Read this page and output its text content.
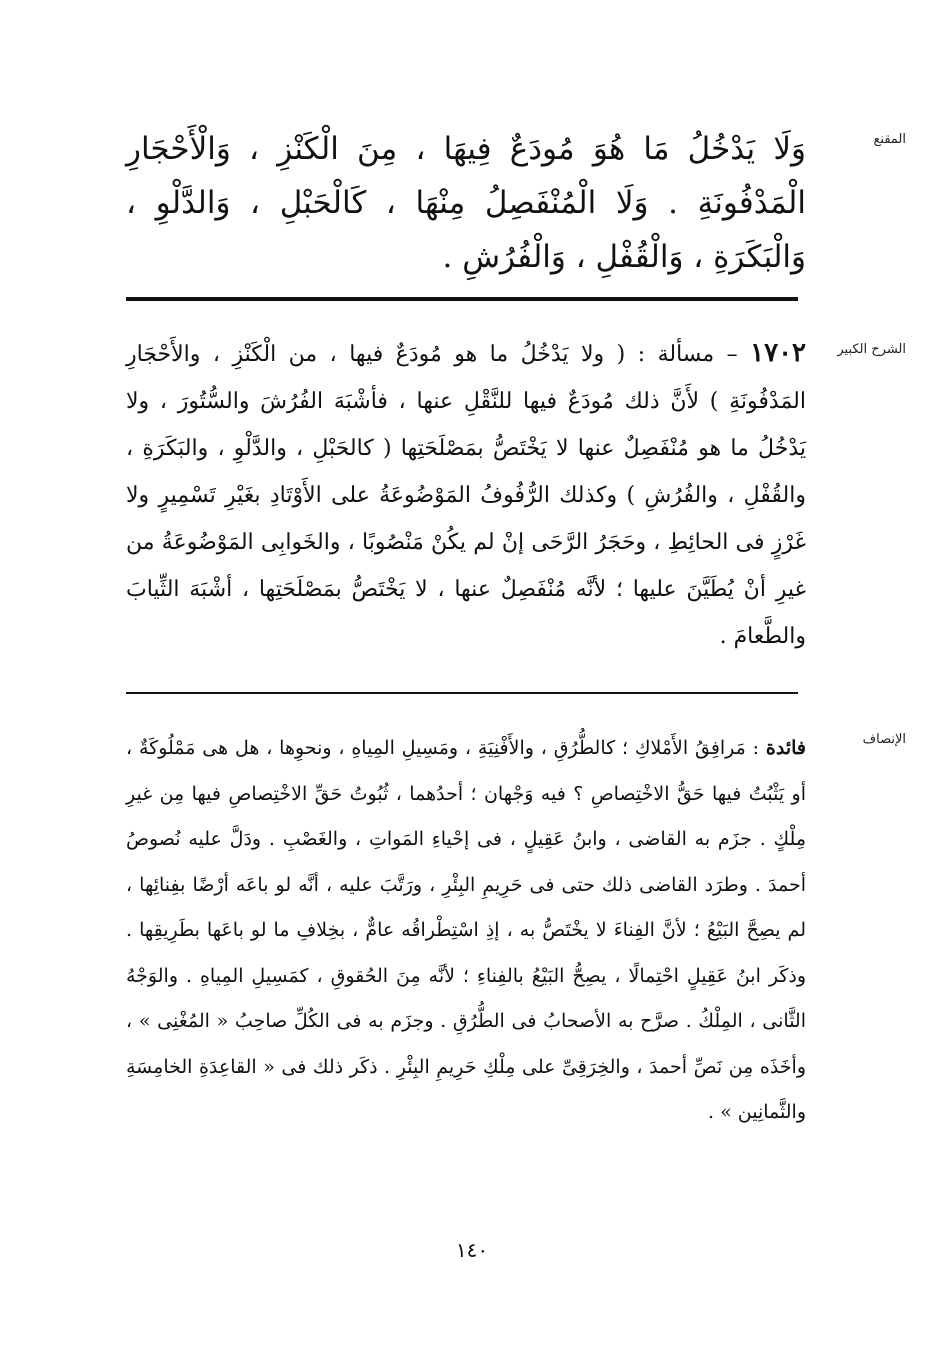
المقنع
وَلَا يَدْخُلُ مَا هُوَ مُودَعٌ فِيهَا ، مِنَ الْكَنْزِ ، وَالْأَحْجَارِ الْمَدْفُونَةِ . وَلَا الْمُنْفَصِلُ مِنْهَا ، كَالْحَبْلِ ، وَالدَّلْوِ ، وَالْبَكَرَةِ ، وَالْقُفْلِ ، وَالْفُرُشِ .
الشرح الكبير
١٧٠٢ – مسألة : ( ولا يَدْخُلُ ما هو مُودَعٌ فيها ، من الْكَنْزِ ، والأَحْجَارِ المَدْفُونَةِ ) لأَنَّ ذلك مُودَعٌ فيها للنَّقْلِ عنها ، فأشْبَهَ الفُرُشَ والسُّتُورَ ، ولا يَدْخُلُ ما هو مُنْفَصِلٌ عنها لا يَخْتَصُّ بمَصْلَحَتِها ( كالحَبْلِ ، والدَّلْوِ ، والبَكَرَةِ ، والقُفْلِ ، والفُرُشِ ) وكذلك الرُّفُوفُ المَوْضُوعَةُ على الأَوْتَادِ بغَيْرِ تَسْمِيرٍ ولا غَرْزٍ فى الحائِطِ ، وحَجَرُ الرَّحَى إنْ لم يكُنْ مَنْصُوبًا ، والخَوابِى المَوْضُوعَةُ من غيرِ أنْ يُطَيَّنَ عليها ؛ لأنَّه مُنْفَصِلٌ عنها ، لا يَخْتَصُّ بمَصْلَحَتِها ، أشْبَهَ الثِّيابَ والطَّعامَ .
الإنصاف
فائدة : مَرافِقُ الأَمْلاكِ ؛ كالطُّرُقِ ، والأَفْنِيَةِ ، ومَسِيلِ المِياهِ ، ونحوِها ، هل هى مَمْلُوكَةٌ ، أو يَثْبُتُ فيها حَقُّ الاخْتِصاصِ ؟ فيه وَجْهان ؛ أحدُهما ، ثُبُوتُ حَقِّ الاخْتِصاصِ فيها مِن غيرِ مِلْكٍ . جزَم به القاضى ، وابنُ عَقِيلٍ ، فى إحْياءِ المَواتِ ، والغَصْبِ . ودَلَّ عليه نُصوصُ أحمدَ . وطرَد القاضى ذلك حتى فى حَرِيمِ البِئْرِ ، ورَتَّبَ عليه ، أنَّه لو باعَه أرْضًا بفِنائِها ، لم يصِحَّ البَيْعُ ؛ لأنَّ الفِناءَ لا يخْتَصُّ به ، إذِ اسْتِطْراقُه عامٌّ ، بخِلافِ ما لو باعَها بطَرِيقِها . وذكَر ابنُ عَقِيلٍ احْتِمالًا ، يصِحُّ البَيْعُ بالفِناءِ ؛ لأنَّه مِنَ الحُقوقِ ، كمَسِيلِ المِياهِ . والوَجْهُ الثَّانى ، المِلْكُ . صرَّح به الأصحابُ فى الطُّرُقِ . وجزَم به فى الكُلِّ صاحِبُ « المُغْنِى » ، وأخَذَه مِن نَصِّ أحمدَ ، والخِرَقِىِّ على مِلْكِ حَرِيمِ البِئْرِ . ذكَر ذلك فى « القاعِدَةِ الخامِسَةِ والثَّمانِين » .
١٤٠
